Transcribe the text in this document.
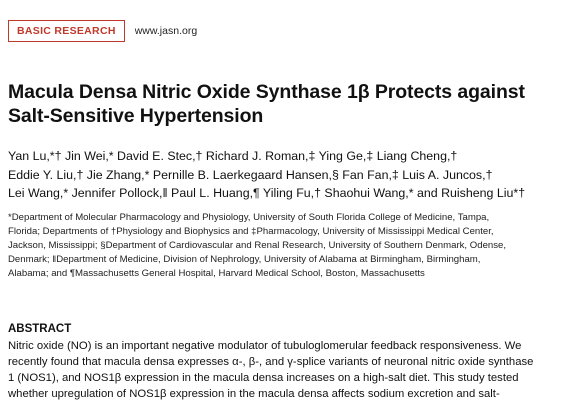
BASIC RESEARCH	www.jasn.org
Macula Densa Nitric Oxide Synthase 1β Protects against Salt-Sensitive Hypertension
Yan Lu,*† Jin Wei,* David E. Stec,† Richard J. Roman,‡ Ying Ge,‡ Liang Cheng,†
Eddie Y. Liu,† Jie Zhang,* Pernille B. Laerkegaard Hansen,§ Fan Fan,‡ Luis A. Juncos,†
Lei Wang,* Jennifer Pollock,‖ Paul L. Huang,¶ Yiling Fu,† Shaohui Wang,* and Ruisheng Liu*†
*Department of Molecular Pharmacology and Physiology, University of South Florida College of Medicine, Tampa,
Florida; Departments of †Physiology and Biophysics and ‡Pharmacology, University of Mississippi Medical Center,
Jackson, Mississippi; §Department of Cardiovascular and Renal Research, University of Southern Denmark, Odense,
Denmark; ‖Department of Medicine, Division of Nephrology, University of Alabama at Birmingham, Birmingham,
Alabama; and ¶Massachusetts General Hospital, Harvard Medical School, Boston, Massachusetts
ABSTRACT
Nitric oxide (NO) is an important negative modulator of tubuloglomerular feedback responsiveness. We
recently found that macula densa expresses α-, β-, and γ-splice variants of neuronal nitric oxide synthase
1 (NOS1), and NOS1β expression in the macula densa increases on a high-salt diet. This study tested
whether upregulation of NOS1β expression in the macula densa affects sodium excretion and salt-
